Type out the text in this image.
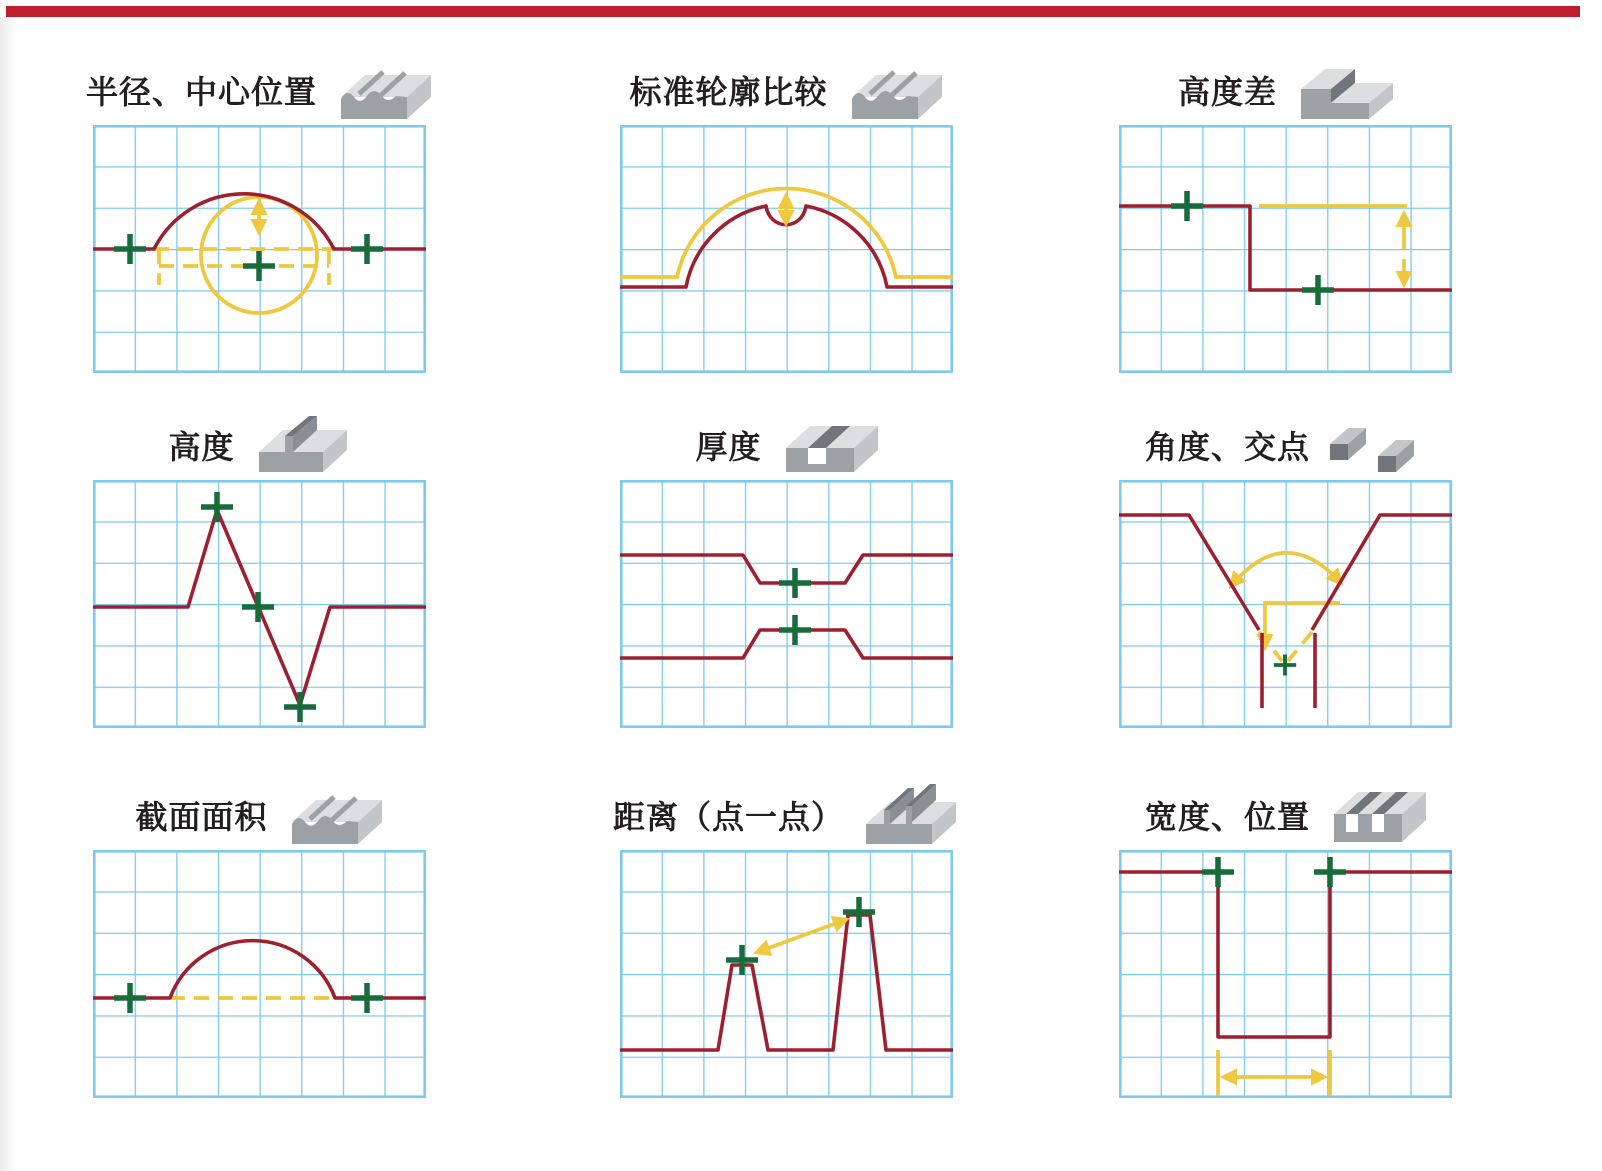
半径、中心位置	标准轮廓比较	高度差
高度	厚度	角度、交点
截面面积	距离（点一点）	宽度、位置
